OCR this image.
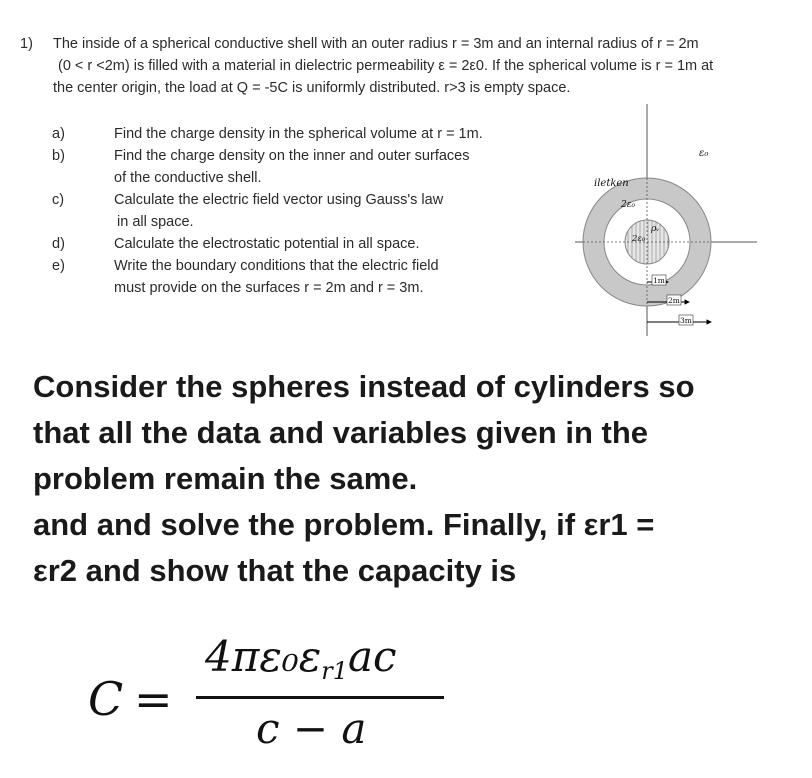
1) The inside of a spherical conductive shell with an outer radius r = 3m and an internal radius of r = 2m
(0 < r <2m) is filled with a material in dielectric permeability ε = 2ε0. If the spherical volume is r = 1m at
the center origin, the load at Q = -5C is uniformly distributed. r>3 is empty space.
a)	Find the charge density in the spherical volume at r = 1m.
b)	Find the charge density on the inner and outer surfaces
of the conductive shell.
c)	Calculate the electric field vector using Gauss's law
in all space.
d)	Calculate the electrostatic potential in all space.
e)	Write the boundary conditions that the electric field
must provide on the surfaces r = 2m and r = 3m.
iletken
ε₀
2ε₀
2ε₀
ρᵥ
1m
2m
3m
Consider the spheres instead of cylinders so
that all the data and variables given in the
problem remain the same.
and and solve the problem. Finally, if εr1 =
εr2 and show that the capacity is
C =
4πε₀εr1ac
c − a
